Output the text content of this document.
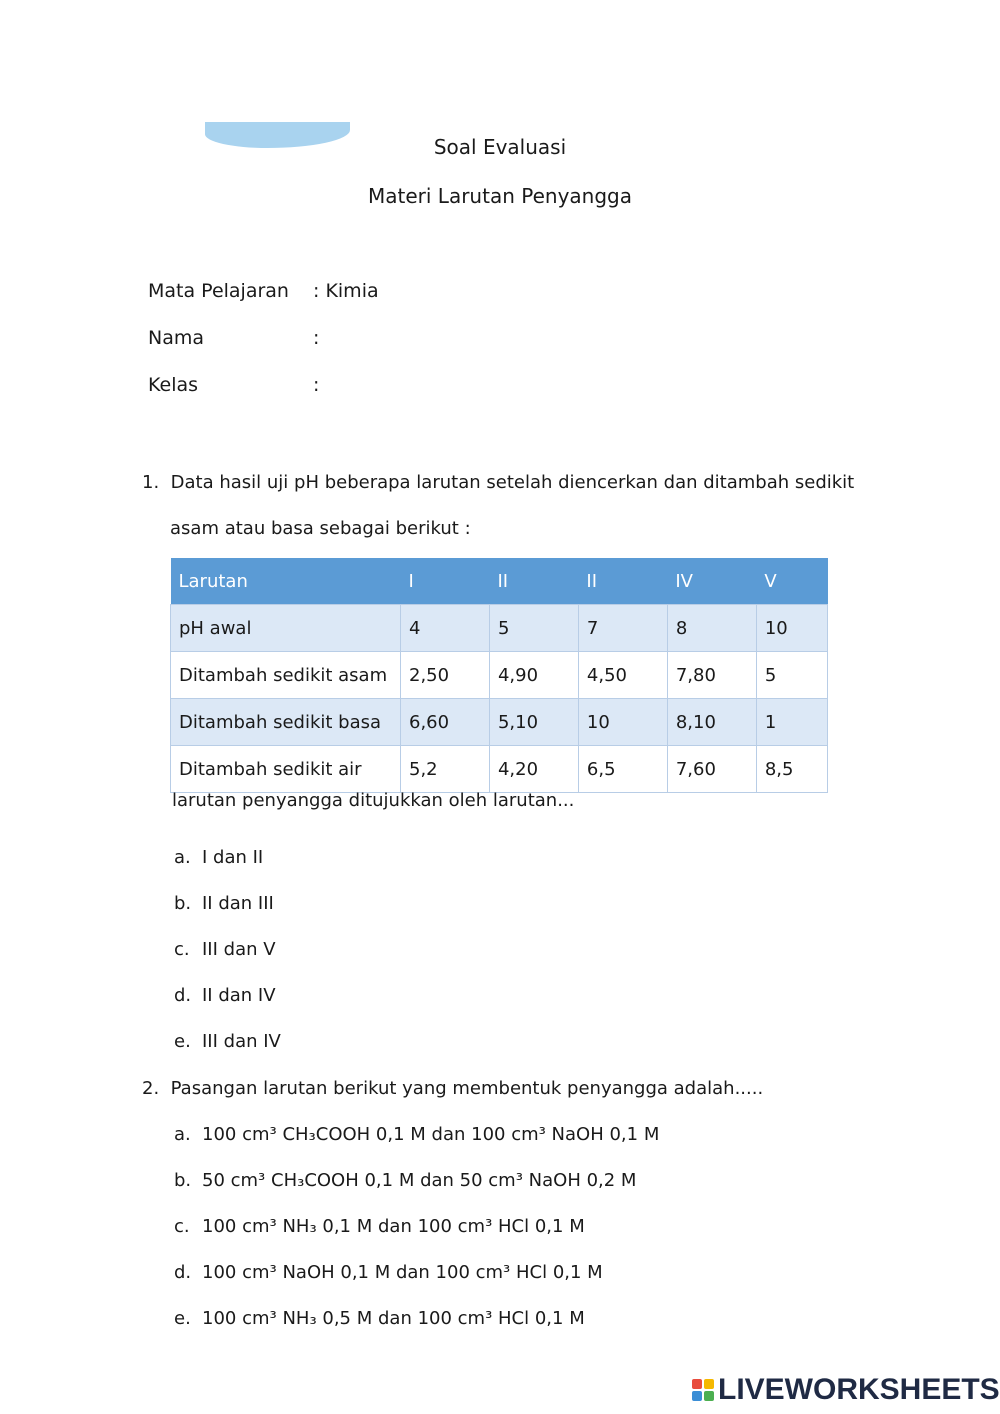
Soal Evaluasi
Materi Larutan Penyangga
Mata Pelajaran : Kimia
Nama	:
Kelas	:
1. Data hasil uji pH beberapa larutan setelah diencerkan dan ditambah sedikit
asam atau basa sebagai berikut :
Larutan	I	II	II	IV	V
pH awal	4	5	7	8	10
Ditambah sedikit asam	2,50	4,90	4,50	7,80	5
Ditambah sedikit basa	6,60	5,10	10	8,10	1
Ditambah sedikit air	5,2	4,20	6,5	7,60	8,5
larutan penyangga ditujukkan oleh larutan...
a. I dan II
b. II dan III
c. III dan V
d. II dan IV
e. III dan IV
2. Pasangan larutan berikut yang membentuk penyangga adalah.....
a. 100 cm³ CH₃COOH 0,1 M dan 100 cm³ NaOH 0,1 M
b. 50 cm³ CH₃COOH 0,1 M dan 50 cm³ NaOH 0,2 M
c. 100 cm³ NH₃ 0,1 M dan 100 cm³ HCl 0,1 M
d. 100 cm³ NaOH 0,1 M dan 100 cm³ HCl 0,1 M
e. 100 cm³ NH₃ 0,5 M dan 100 cm³ HCl 0,1 M
LIVEWORKSHEETS
